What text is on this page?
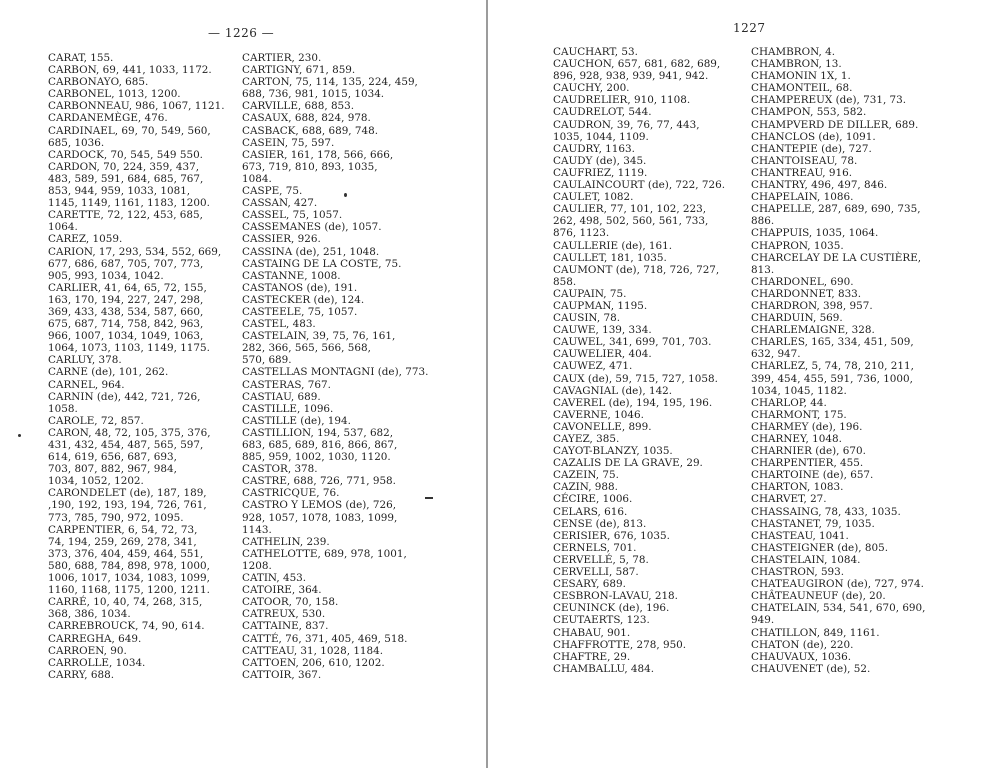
— 1226 —	1227
CARAT, 155.
CARBON, 69, 441, 1033, 1172.
CARBONAYO, 685.
CARBONEL, 1013, 1200.
CARBONNEAU, 986, 1067, 1121.
CARDANEMÈGE, 476.
CARDINAEL, 69, 70, 549, 560,
685, 1036.
CARDOCK, 70, 545, 549 550.
CARDON, 70, 224, 359, 437,
483, 589, 591, 684, 685, 767,
853, 944, 959, 1033, 1081,
1145, 1149, 1161, 1183, 1200.
CARETTE, 72, 122, 453, 685,
1064.
CAREZ, 1059.
CARION, 17, 293, 534, 552, 669,
677, 686, 687, 705, 707, 773,
905, 993, 1034, 1042.
CARLIER, 41, 64, 65, 72, 155,
163, 170, 194, 227, 247, 298,
369, 433, 438, 534, 587, 660,
675, 687, 714, 758, 842, 963,
966, 1007, 1034, 1049, 1063,
1064, 1073, 1103, 1149, 1175.
CARLUY, 378.
CARNE (de), 101, 262.
CARNEL, 964.
CARNIN (de), 442, 721, 726,
1058.
CAROLE, 72, 857.
CARON, 48, 72, 105, 375, 376,
431, 432, 454, 487, 565, 597,
614, 619, 656, 687, 693,
703, 807, 882, 967, 984,
1034, 1052, 1202.
CARONDELET (de), 187, 189,
,190, 192, 193, 194, 726, 761,
773, 785, 790, 972, 1095.
CARPENTIER, 6, 54, 72, 73,
74, 194, 259, 269, 278, 341,
373, 376, 404, 459, 464, 551,
580, 688, 784, 898, 978, 1000,
1006, 1017, 1034, 1083, 1099,
1160, 1168, 1175, 1200, 1211.
CARRÉ, 10, 40, 74, 268, 315,
368, 386, 1034.
CARREBROUCK, 74, 90, 614.
CARREGHA, 649.
CARROEN, 90.
CARROLLE, 1034.
CARRY, 688.
CARTIER, 230.
CARTIGNY, 671, 859.
CARTON, 75, 114, 135, 224, 459,
688, 736, 981, 1015, 1034.
CARVILLE, 688, 853.
CASAUX, 688, 824, 978.
CASBACK, 688, 689, 748.
CASEIN, 75, 597.
CASIER, 161, 178, 566, 666,
673, 719, 810, 893, 1035,
1084.
CASPE, 75.
CASSAN, 427.
CASSEL, 75, 1057.
CASSEMANES (de), 1057.
CASSIER, 926.
CASSINA (de), 251, 1048.
CASTAING DE LA COSTE, 75.
CASTANNE, 1008.
CASTANOS (de), 191.
CASTECKER (de), 124.
CASTEELE, 75, 1057.
CASTEL, 483.
CASTELAIN, 39, 75, 76, 161,
282, 366, 565, 566, 568,
570, 689.
CASTELLAS MONTAGNI (de), 773.
CASTERAS, 767.
CASTIAU, 689.
CASTILLE, 1096.
CASTILLE (de), 194.
CASTILLION, 194, 537, 682,
683, 685, 689, 816, 866, 867,
885, 959, 1002, 1030, 1120.
CASTOR, 378.
CASTRE, 688, 726, 771, 958.
CASTRICQUE, 76.
CASTRO Y LEMOS (de), 726,
928, 1057, 1078, 1083, 1099,
1143.
CATHELIN, 239.
CATHELOTTE, 689, 978, 1001,
1208.
CATIN, 453.
CATOIRE, 364.
CATOOR, 70, 158.
CATREUX, 530.
CATTAINE, 837.
CATTÉ, 76, 371, 405, 469, 518.
CATTEAU, 31, 1028, 1184.
CATTOEN, 206, 610, 1202.
CATTOIR, 367.
CAUCHART, 53.
CAUCHON, 657, 681, 682, 689,
896, 928, 938, 939, 941, 942.
CAUCHY, 200.
CAUDRELIER, 910, 1108.
CAUDRELOT, 544.
CAUDRON, 39, 76, 77, 443,
1035, 1044, 1109.
CAUDRY, 1163.
CAUDY (de), 345.
CAUFRIEZ, 1119.
CAULAINCOURT (de), 722, 726.
CAULET, 1082.
CAULIER, 77, 101, 102, 223,
262, 498, 502, 560, 561, 733,
876, 1123.
CAULLERIE (de), 161.
CAULLET, 181, 1035.
CAUMONT (de), 718, 726, 727,
858.
CAUPAIN, 75.
CAUPMAN, 1195.
CAUSIN, 78.
CAUWE, 139, 334.
CAUWEL, 341, 699, 701, 703.
CAUWELIER, 404.
CAUWEZ, 471.
CAUX (de), 59, 715, 727, 1058.
CAVAGNIAL (de), 142.
CAVEREL (de), 194, 195, 196.
CAVERNE, 1046.
CAVONELLE, 899.
CAYEZ, 385.
CAYOT-BLANZY, 1035.
CAZALIS DE LA GRAVE, 29.
CAZEIN, 75.
CAZIN, 988.
CÉCIRE, 1006.
CELARS, 616.
CENSE (de), 813.
CERISIER, 676, 1035.
CERNELS, 701.
CERVELLÉ, 5, 78.
CERVELLI, 587.
CESARY, 689.
CESBRON-LAVAU, 218.
CEUNINCK (de), 196.
CEUTAERTS, 123.
CHABAU, 901.
CHAFFROTTE, 278, 950.
CHAFTRE, 29.
CHAMBALLU, 484.
CHAMBRON, 4.
CHAMBRON, 13.
CHAMONIN 1X, 1.
CHAMONTEIL, 68.
CHAMPEREUX (de), 731, 73.
CHAMPON, 553, 582.
CHAMPVERD DE DILLER, 689.
CHANCLOS (de), 1091.
CHANTEPIE (de), 727.
CHANTOISEAU, 78.
CHANTREAU, 916.
CHANTRY, 496, 497, 846.
CHAPELAIN, 1086.
CHAPELLE, 287, 689, 690, 735,
886.
CHAPPUIS, 1035, 1064.
CHAPRON, 1035.
CHARCELAY DE LA CUSTIÈRE,
813.
CHARDONEL, 690.
CHARDONNET, 833.
CHARDRON, 398, 957.
CHARDUIN, 569.
CHARLEMAIGNE, 328.
CHARLES, 165, 334, 451, 509,
632, 947.
CHARLEZ, 5, 74, 78, 210, 211,
399, 454, 455, 591, 736, 1000,
1034, 1045, 1182.
CHARLOP, 44.
CHARMONT, 175.
CHARMEY (de), 196.
CHARNEY, 1048.
CHARNIER (de), 670.
CHARPENTIER, 455.
CHARTOINE (de), 657.
CHARTON, 1083.
CHARVET, 27.
CHASSAING, 78, 433, 1035.
CHASTANET, 79, 1035.
CHASTEAU, 1041.
CHASTEIGNER (de), 805.
CHASTELAIN, 1084.
CHASTRON, 593.
CHATEAUGIRON (de), 727, 974.
CHÂTEAUNEUF (de), 20.
CHATELAIN, 534, 541, 670, 690,
949.
CHATILLON, 849, 1161.
CHATON (de), 220.
CHAUVAUX, 1036.
CHAUVENET (de), 52.
